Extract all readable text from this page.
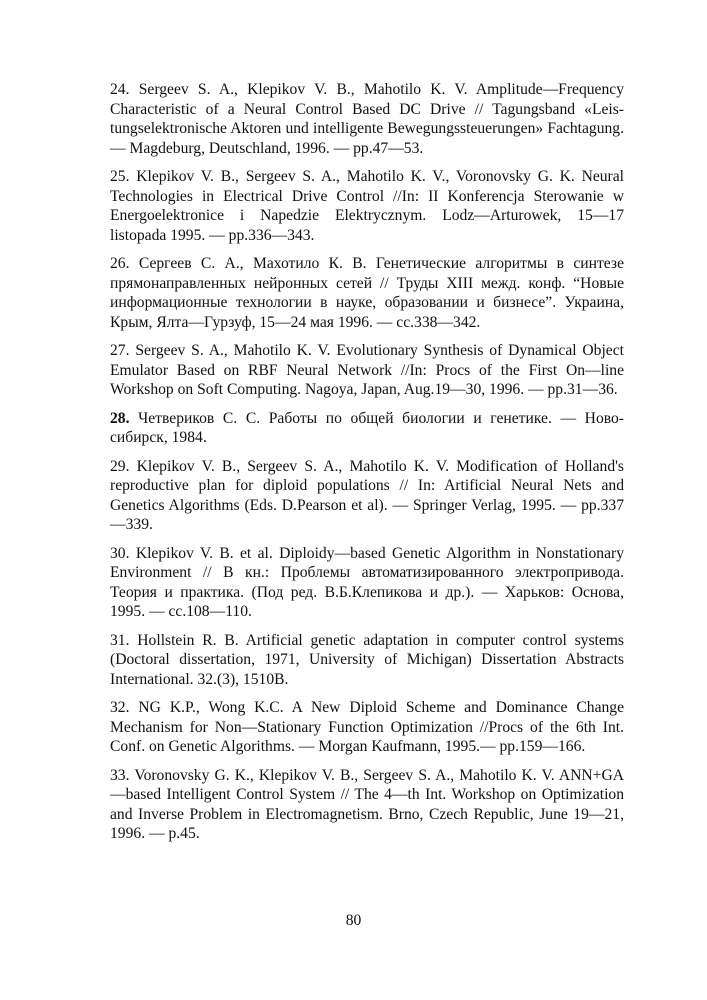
24. Sergeev S. A., Klepikov V. B., Mahotilo K. V. Amplitude—Frequency Characteristic of a Neural Control Based DC Drive // Tagungsband «Leistungselektronische Aktoren und intelligente Bewegungssteuerungen» Fachtagung. — Magdeburg, Deutschland, 1996. — pp.47—53.

25. Klepikov V. B., Sergeev S. A., Mahotilo K. V., Voronovsky G. K. Neural Technologies in Electrical Drive Control //In: II Konferencja Sterowanie w Energoelektronice i Napedzie Elektrycznym. Lodz—Arturowek, 15—17 listopada 1995. — pp.336—343.

26. Сергеев С. А., Махотило К. В. Генетические алгоритмы в синтезе прямонаправленных нейронных сетей // Труды XIII межд. конф. “Новые информационные технологии в науке, образовании и бизнесе”. Украина, Крым, Ялта—Гурзуф, 15—24 мая 1996. — сс.338—342.

27. Sergeev S. A., Mahotilo K. V. Evolutionary Synthesis of Dynamical Object Emulator Based on RBF Neural Network //In: Procs of the First On—line Workshop on Soft Computing. Nagoya, Japan, Aug.19—30, 1996. — pp.31—36.

28. Четвериков С. С. Работы по общей биологии и генетике. — Новосибирск, 1984.

29. Klepikov V. B., Sergeev S. A., Mahotilo K. V. Modification of Holland's reproductive plan for diploid populations // In: Artificial Neural Nets and Genetics Algorithms (Eds. D.Pearson et al). — Springer Verlag, 1995. — pp.337—339.

30. Klepikov V. B. et al. Diploidy—based Genetic Algorithm in Nonstationary Environment // В кн.: Проблемы автоматизированного электропривода. Теория и практика. (Под ред. В.Б.Клепикова и др.). — Харьков: Основа, 1995. — сс.108—110.

31. Hollstein R. B. Artificial genetic adaptation in computer control systems (Doctoral dissertation, 1971, University of Michigan) Dissertation Abstracts International. 32.(3), 1510B.

32. NG K.P., Wong K.C. A New Diploid Scheme and Dominance Change Mechanism for Non—Stationary Function Optimization //Procs of the 6th Int. Conf. on Genetic Algorithms. — Morgan Kaufmann, 1995.— pp.159—166.

33. Voronovsky G. K., Klepikov V. B., Sergeev S. A., Mahotilo K. V. ANN+GA—based Intelligent Control System // The 4—th Int. Workshop on Optimization and Inverse Problem in Electromagnetism. Brno, Czech Republic, June 19—21, 1996. — p.45.

80
